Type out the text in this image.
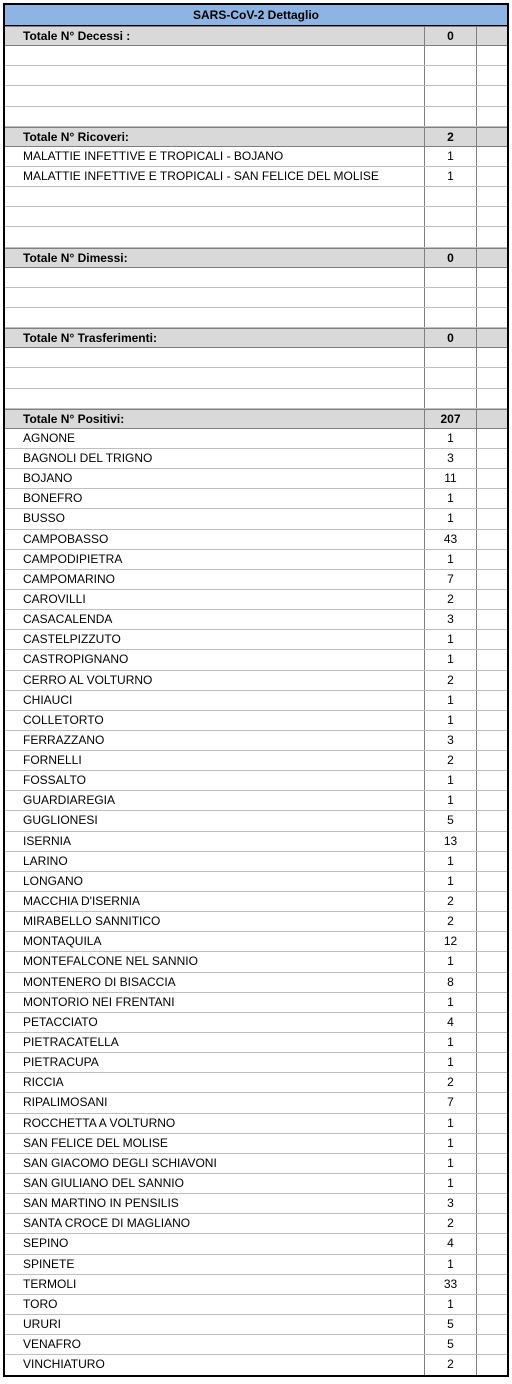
SARS-CoV-2 Dettaglio
Totale N° Decessi :	0
Totale N° Ricoveri:	2
MALATTIE INFETTIVE E TROPICALI - BOJANO	1
MALATTIE INFETTIVE E TROPICALI - SAN FELICE DEL MOLISE	1
Totale N° Dimessi:	0
Totale N° Trasferimenti:	0
Totale N° Positivi:	207
AGNONE	1
BAGNOLI DEL TRIGNO	3
BOJANO	11
BONEFRO	1
BUSSO	1
CAMPOBASSO	43
CAMPODIPIETRA	1
CAMPOMARINO	7
CAROVILLI	2
CASACALENDA	3
CASTELPIZZUTO	1
CASTROPIGNANO	1
CERRO AL VOLTURNO	2
CHIAUCI	1
COLLETORTO	1
FERRAZZANO	3
FORNELLI	2
FOSSALTO	1
GUARDIAREGIA	1
GUGLIONESI	5
ISERNIA	13
LARINO	1
LONGANO	1
MACCHIA D'ISERNIA	2
MIRABELLO SANNITICO	2
MONTAQUILA	12
MONTEFALCONE NEL SANNIO	1
MONTENERO DI BISACCIA	8
MONTORIO NEI FRENTANI	1
PETACCIATO	4
PIETRACATELLA	1
PIETRACUPA	1
RICCIA	2
RIPALIMOSANI	7
ROCCHETTA A VOLTURNO	1
SAN FELICE DEL MOLISE	1
SAN GIACOMO DEGLI SCHIAVONI	1
SAN GIULIANO DEL SANNIO	1
SAN MARTINO IN PENSILIS	3
SANTA CROCE DI MAGLIANO	2
SEPINO	4
SPINETE	1
TERMOLI	33
TORO	1
URURI	5
VENAFRO	5
VINCHIATURO	2
